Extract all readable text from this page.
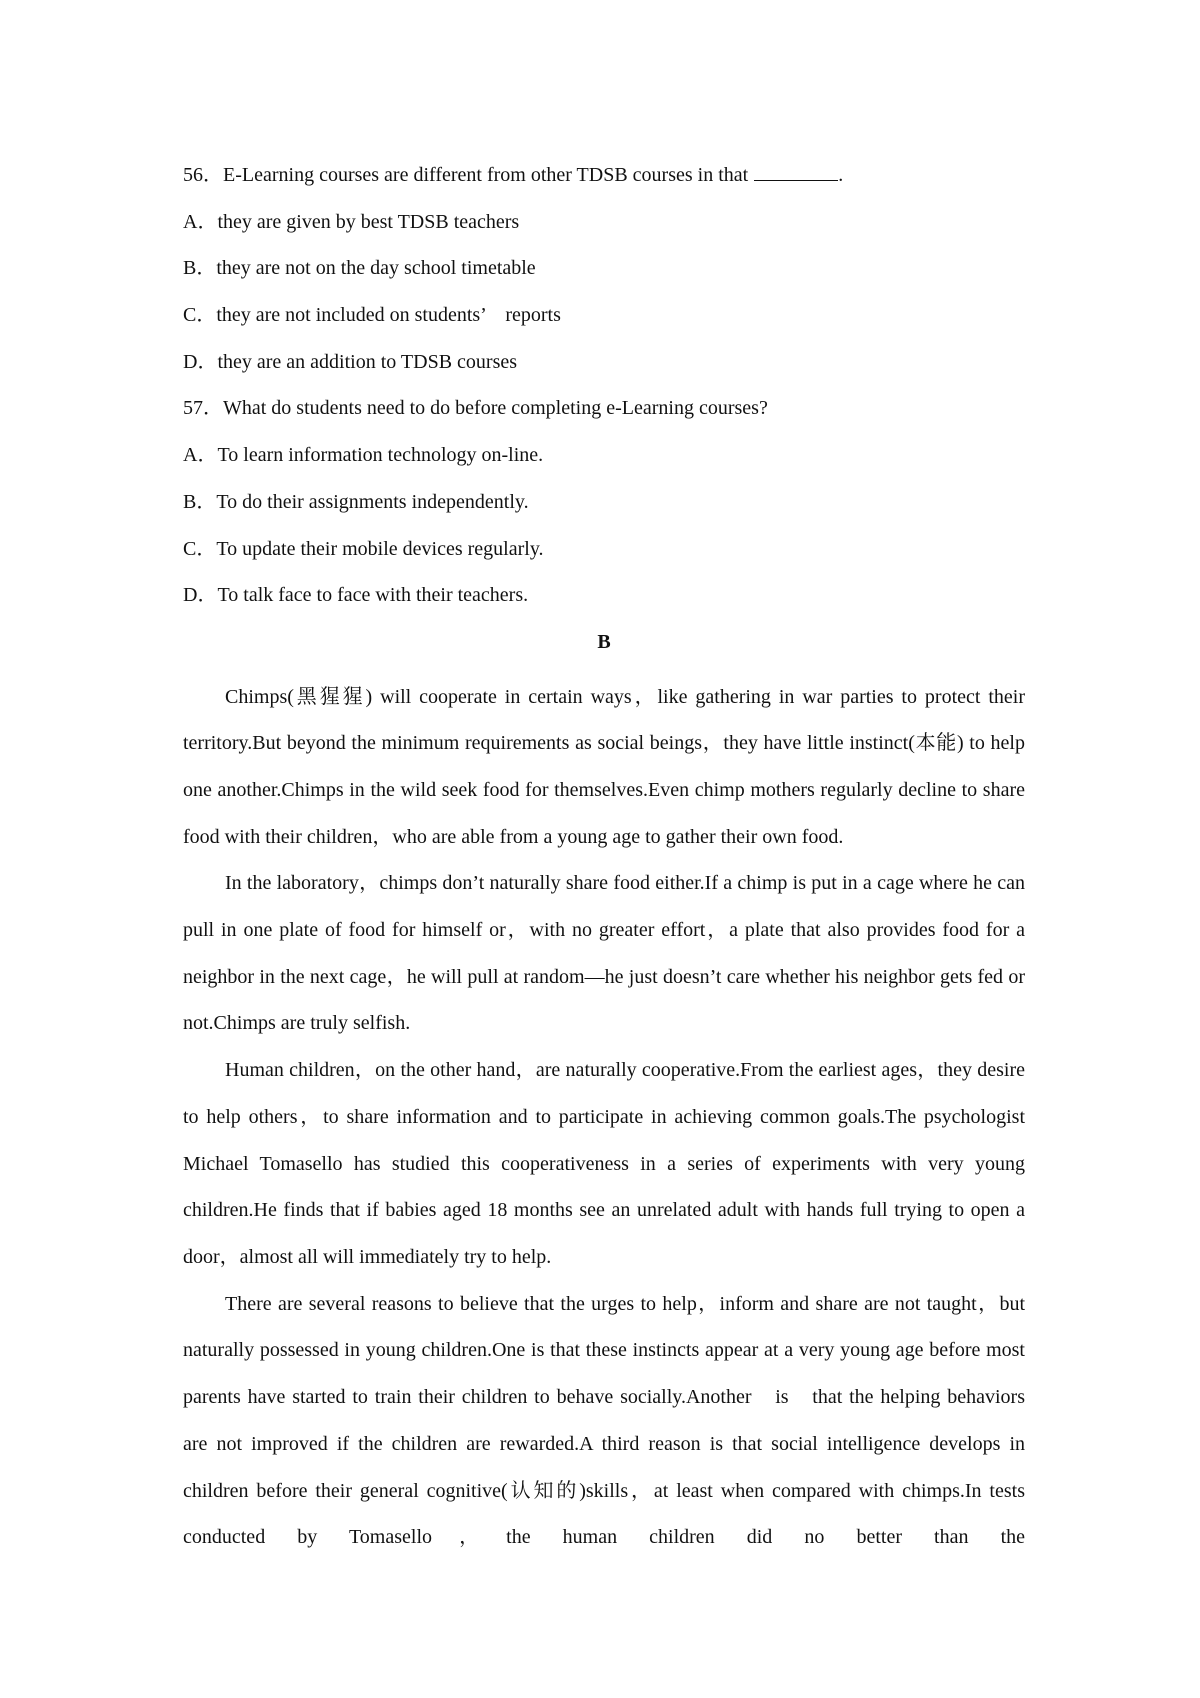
56．E-Learning courses are different from other TDSB courses in that	.
A．they are given by best TDSB teachers
B．they are not on the day school timetable
C．they are not included on students’　reports
D．they are an addition to TDSB courses
57．What do students need to do before completing e-Learning courses?
A．To learn information technology on-line.
B．To do their assignments independently.
C．To update their mobile devices regularly.
D．To talk face to face with their teachers.
B

Chimps(黑猩猩) will cooperate in certain ways，like gathering in war parties to protect their territory.But beyond the minimum requirements as social beings，they have little instinct(本能) to help one another.Chimps in the wild seek food for themselves.Even chimp mothers regularly decline to share food with their children，who are able from a young age to gather their own food.

In the laboratory，chimps don’t naturally share food either.If a chimp is put in a cage where he can pull in one plate of food for himself or，with no greater effort，a plate that also provides food for a neighbor in the next cage，he will pull at random—he just doesn’t care whether his neighbor gets fed or not.Chimps are truly selfish.

Human children，on the other hand，are naturally cooperative.From the earliest ages，they desire to help others，to share information and to participate in achieving common goals.The psychologist Michael Tomasello has studied this cooperativeness in a series of experiments with very young children.He finds that if babies aged 18 months see an unrelated adult with hands full trying to open a door，almost all will immediately try to help.

There are several reasons to believe that the urges to help，inform and share are not taught，but naturally possessed in young children.One is that these instincts appear at a very young age before most parents have started to train their children to behave socially.Another　is　that the helping behaviors　 are not improved if the children are rewarded.A third reason is that social intelligence develops in children before their general cognitive(认知的)skills，at least when compared with chimps.In tests conducted by Tomasello，the human children did no better than the
